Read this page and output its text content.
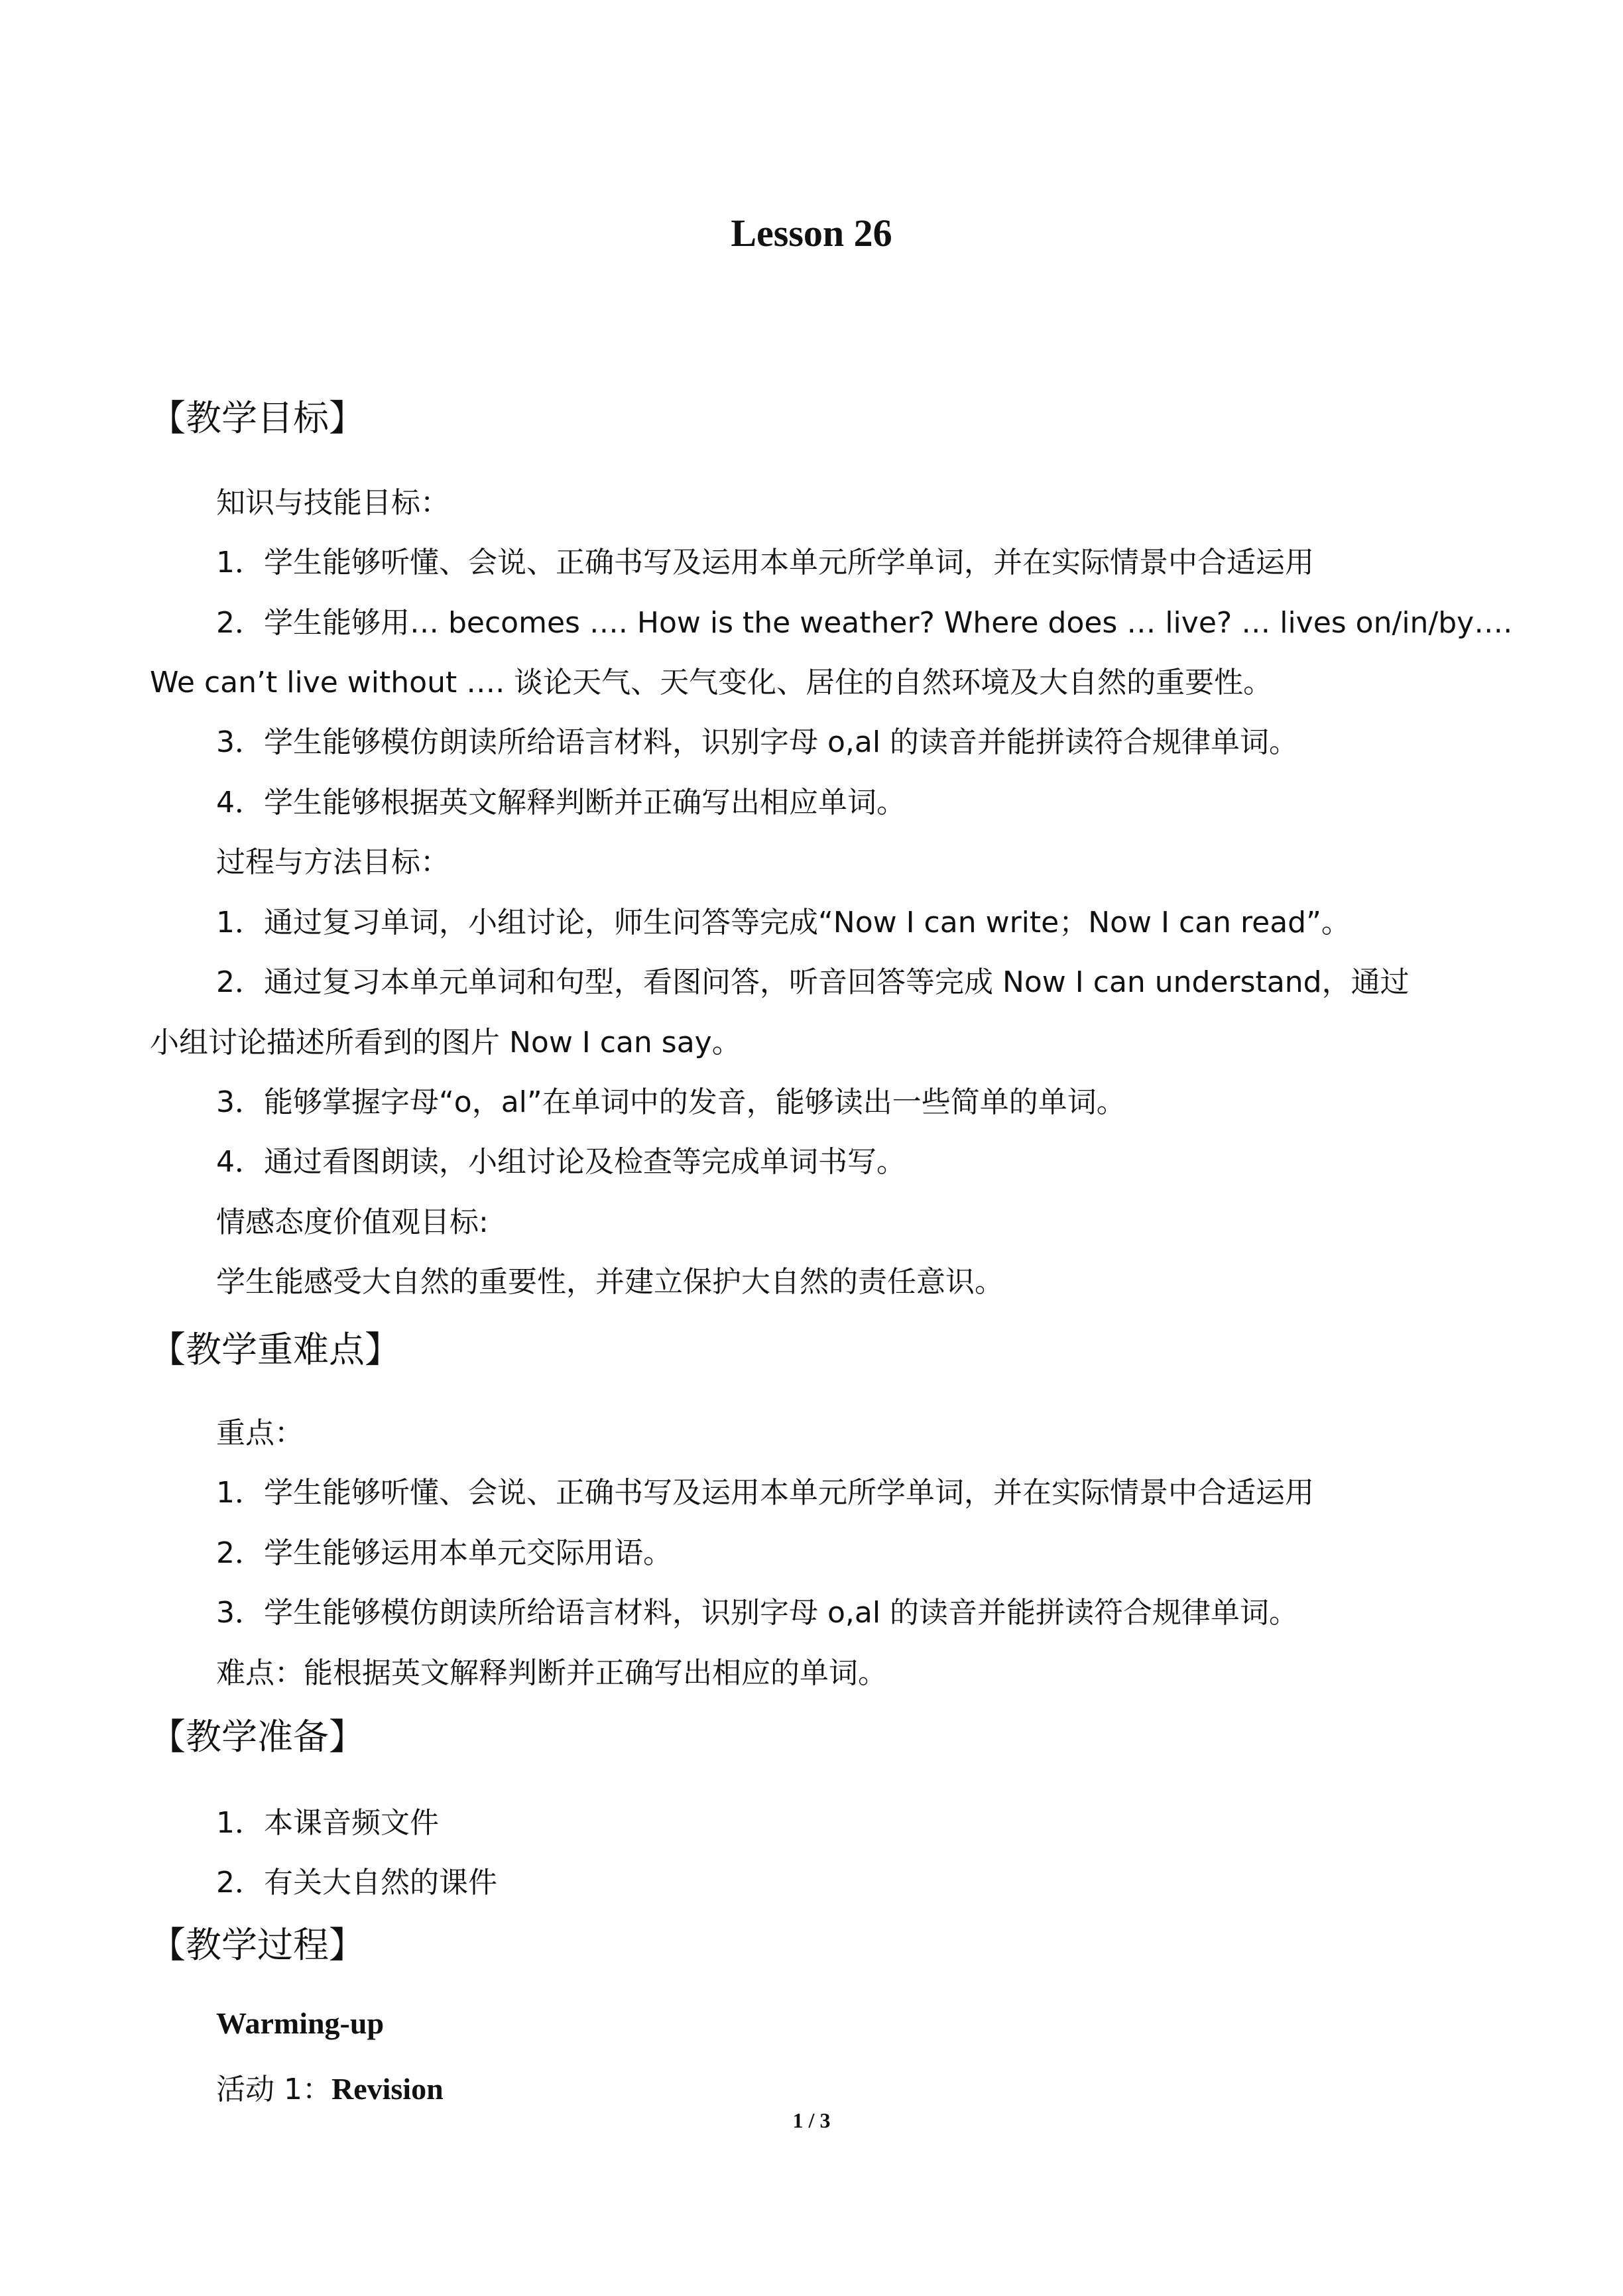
Lesson 26
【教学目标】
知识与技能目标：
1．学生能够听懂、会说、正确书写及运用本单元所学单词，并在实际情景中合适运用
2．学生能够用… becomes …. How is the weather? Where does … live? … lives on/in/by….
We can’t live without …. 谈论天气、天气变化、居住的自然环境及大自然的重要性。
3．学生能够模仿朗读所给语言材料，识别字母 o,al 的读音并能拼读符合规律单词。
4．学生能够根据英文解释判断并正确写出相应单词。
过程与方法目标：
1．通过复习单词，小组讨论，师生问答等完成“Now I can write；Now I can read”。
2．通过复习本单元单词和句型，看图问答，听音回答等完成 Now I can understand，通过
小组讨论描述所看到的图片 Now I can say。
3．能够掌握字母“o，al”在单词中的发音，能够读出一些简单的单词。
4．通过看图朗读，小组讨论及检查等完成单词书写。
情感态度价值观目标:
学生能感受大自然的重要性，并建立保护大自然的责任意识。
【教学重难点】
重点：
1．学生能够听懂、会说、正确书写及运用本单元所学单词，并在实际情景中合适运用
2．学生能够运用本单元交际用语。
3．学生能够模仿朗读所给语言材料，识别字母 o,al 的读音并能拼读符合规律单词。
难点：能根据英文解释判断并正确写出相应的单词。
【教学准备】
1．本课音频文件
2．有关大自然的课件
【教学过程】
Warming-up
活动 1：Revision
1 / 3
